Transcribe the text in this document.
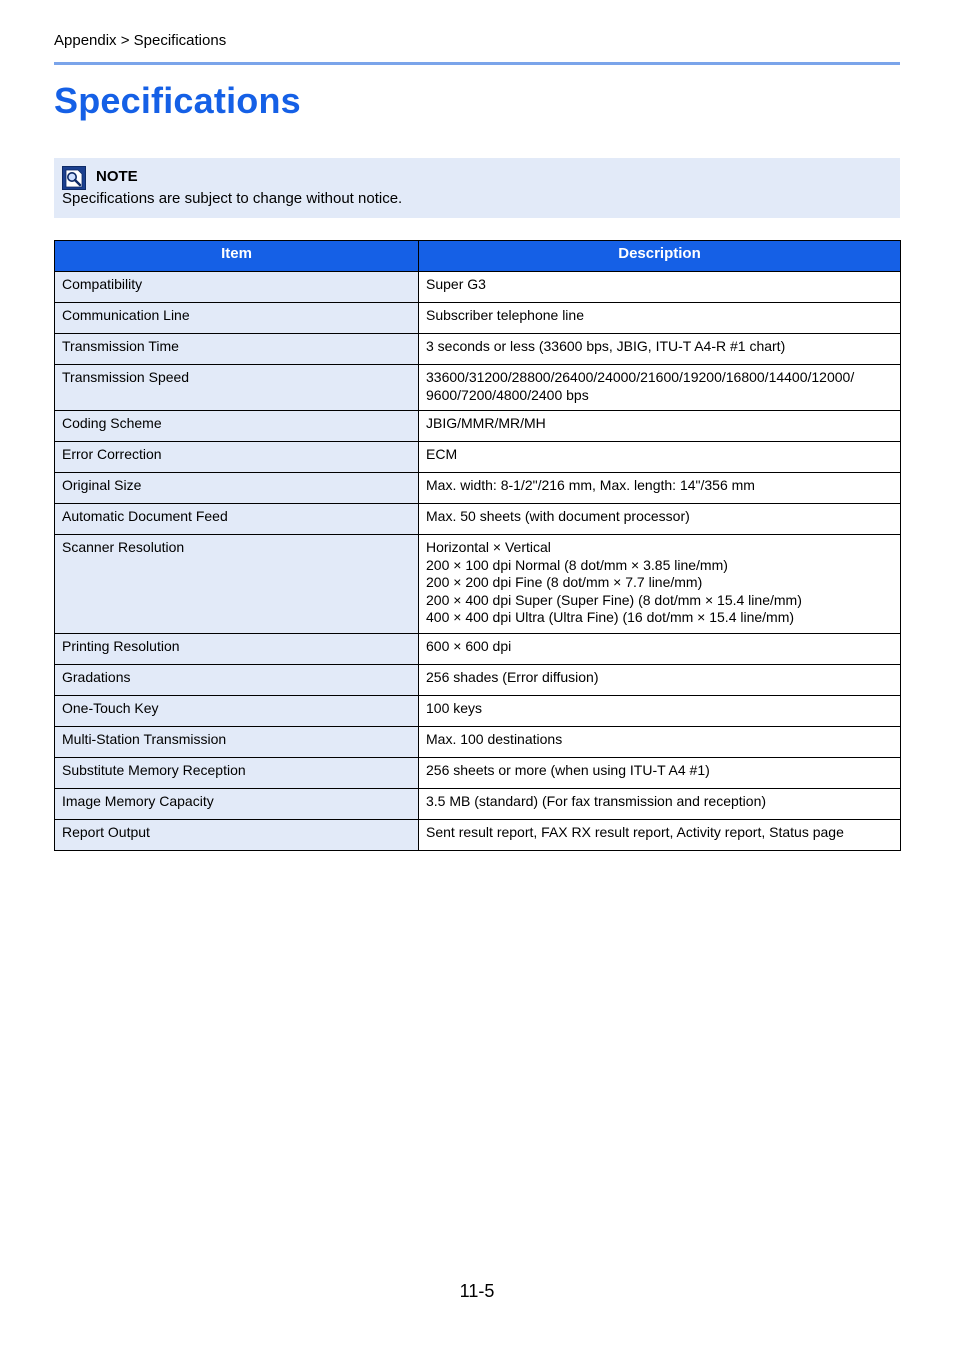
Appendix > Specifications
Specifications
NOTE
Specifications are subject to change without notice.
Item	Description
Compatibility	Super G3
Communication Line	Subscriber telephone line
Transmission Time	3 seconds or less (33600 bps, JBIG, ITU-T A4-R #1 chart)
Transmission Speed	33600/31200/28800/26400/24000/21600/19200/16800/14400/12000/
9600/7200/4800/2400 bps
Coding Scheme	JBIG/MMR/MR/MH
Error Correction	ECM
Original Size	Max. width: 8-1/2"/216 mm, Max. length: 14"/356 mm
Automatic Document Feed	Max. 50 sheets (with document processor)
Scanner Resolution	Horizontal × Vertical
200 × 100 dpi Normal (8 dot/mm × 3.85 line/mm)
200 × 200 dpi Fine (8 dot/mm × 7.7 line/mm)
200 × 400 dpi Super (Super Fine) (8 dot/mm × 15.4 line/mm)
400 × 400 dpi Ultra (Ultra Fine) (16 dot/mm × 15.4 line/mm)
Printing Resolution	600 × 600 dpi
Gradations	256 shades (Error diffusion)
One-Touch Key	100 keys
Multi-Station Transmission	Max. 100 destinations
Substitute Memory Reception	256 sheets or more (when using ITU-T A4 #1)
Image Memory Capacity	3.5 MB (standard) (For fax transmission and reception)
Report Output	Sent result report, FAX RX result report, Activity report, Status page
11-5
